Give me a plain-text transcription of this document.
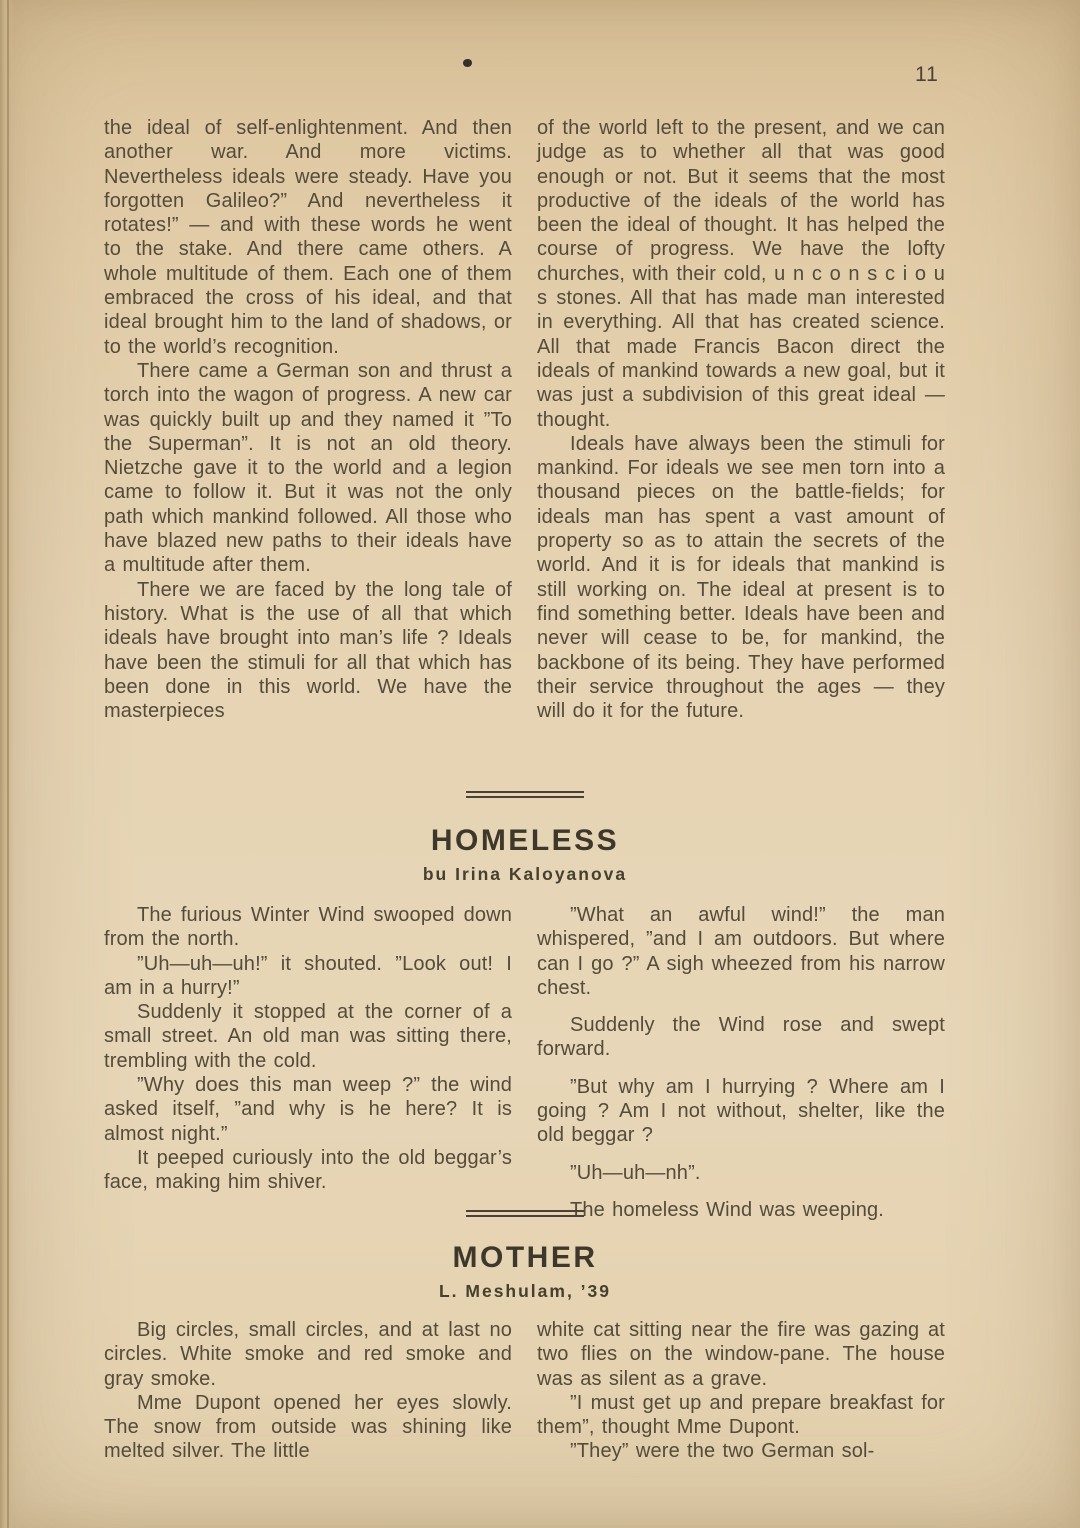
11

the ideal of self-enlightenment. And then another war. And more victims. Nevertheless ideals were steady. Have you forgotten Galileo?” And nevertheless it rotates!” — and with these words he went to the stake. And there came others. A whole multitude of them. Each one of them embraced the cross of his ideal, and that ideal brought him to the land of shadows, or to the world’s recognition.

There came a German son and thrust a torch into the wagon of progress. A new car was quickly built up and they named it ”To the Superman”. It is not an old theory. Nietzche gave it to the world and a legion came to follow it. But it was not the only path which mankind followed. All those who have blazed new paths to their ideals have a multitude after them.

There we are faced by the long tale of history. What is the use of all that which ideals have brought into man’s life ? Ideals have been the stimuli for all that which has been done in this world. We have the masterpieces

of the world left to the present, and we can judge as to whether all that was good enough or not. But it seems that the most productive of the ideals of the world has been the ideal of thought. It has helped the course of progress. We have the lofty churches, with their cold, u n c o n s c i o u s stones. All that has made man interested in everything. All that has created science. All that made Francis Bacon direct the ideals of mankind towards a new goal, but it was just a subdivision of this great ideal — thought.

Ideals have always been the stimuli for mankind. For ideals we see men torn into a thousand pieces on the battle-fields; for ideals man has spent a vast amount of property so as to attain the secrets of the world. And it is for ideals that mankind is still working on. The ideal at present is to find something better. Ideals have been and never will cease to be, for mankind, the backbone of its being. They have performed their service throughout the ages — they will do it for the future.

HOMELESS

bu Irina Kaloyanova

The furious Winter Wind swooped down from the north.

”Uh—uh—uh!” it shouted. ”Look out! I am in a hurry!”

Suddenly it stopped at the corner of a small street. An old man was sitting there, trembling with the cold.

”Why does this man weep ?” the wind asked itself, ”and why is he here? It is almost night.”

It peeped curiously into the old beggar’s face, making him shiver.

”What an awful wind!” the man whispered, ”and I am outdoors. But where can I go ?” A sigh wheezed from his narrow chest.

Suddenly the Wind rose and swept forward.

”But why am I hurrying ? Where am I going ? Am I not without, shelter, like the old beggar ?

”Uh—uh—nh”.

The homeless Wind was weeping.

MOTHER

L. Meshulam, ’39

Big circles, small circles, and at last no circles. White smoke and red smoke and gray smoke.

Mme Dupont opened her eyes slowly. The snow from outside was shining like melted silver. The little

white cat sitting near the fire was gazing at two flies on the window-pane. The house was as silent as a grave.

”I must get up and prepare breakfast for them”, thought Mme Dupont.

”They” were the two German sol-
